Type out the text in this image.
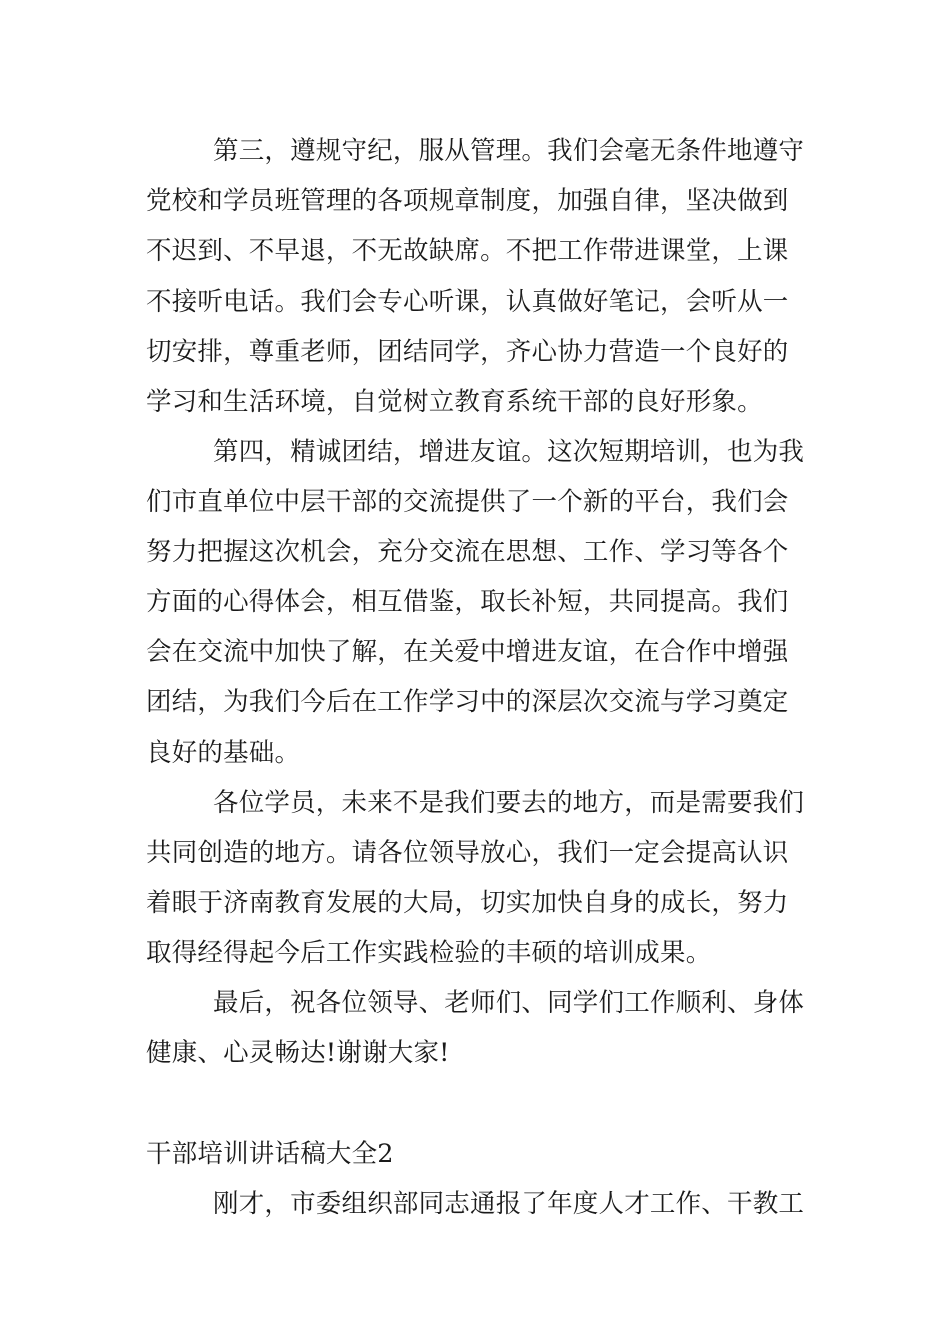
第三，遵规守纪，服从管理。我们会毫无条件地遵守

党校和学员班管理的各项规章制度，加强自律，坚决做到

不迟到、不早退，不无故缺席。不把工作带进课堂，上课

不接听电话。我们会专心听课，认真做好笔记，会听从一

切安排，尊重老师，团结同学，齐心协力营造一个良好的

学习和生活环境，自觉树立教育系统干部的良好形象。

第四，精诚团结，增进友谊。这次短期培训，也为我

们市直单位中层干部的交流提供了一个新的平台，我们会

努力把握这次机会，充分交流在思想、工作、学习等各个

方面的心得体会，相互借鉴，取长补短，共同提高。我们

会在交流中加快了解，在关爱中增进友谊，在合作中增强

团结，为我们今后在工作学习中的深层次交流与学习奠定

良好的基础。

各位学员，未来不是我们要去的地方，而是需要我们

共同创造的地方。请各位领导放心，我们一定会提高认识

着眼于济南教育发展的大局，切实加快自身的成长，努力

取得经得起今后工作实践检验的丰硕的培训成果。

最后，祝各位领导、老师们、同学们工作顺利、身体

健康、心灵畅达!谢谢大家!

干部培训讲话稿大全2

刚才，市委组织部同志通报了年度人才工作、干教工
